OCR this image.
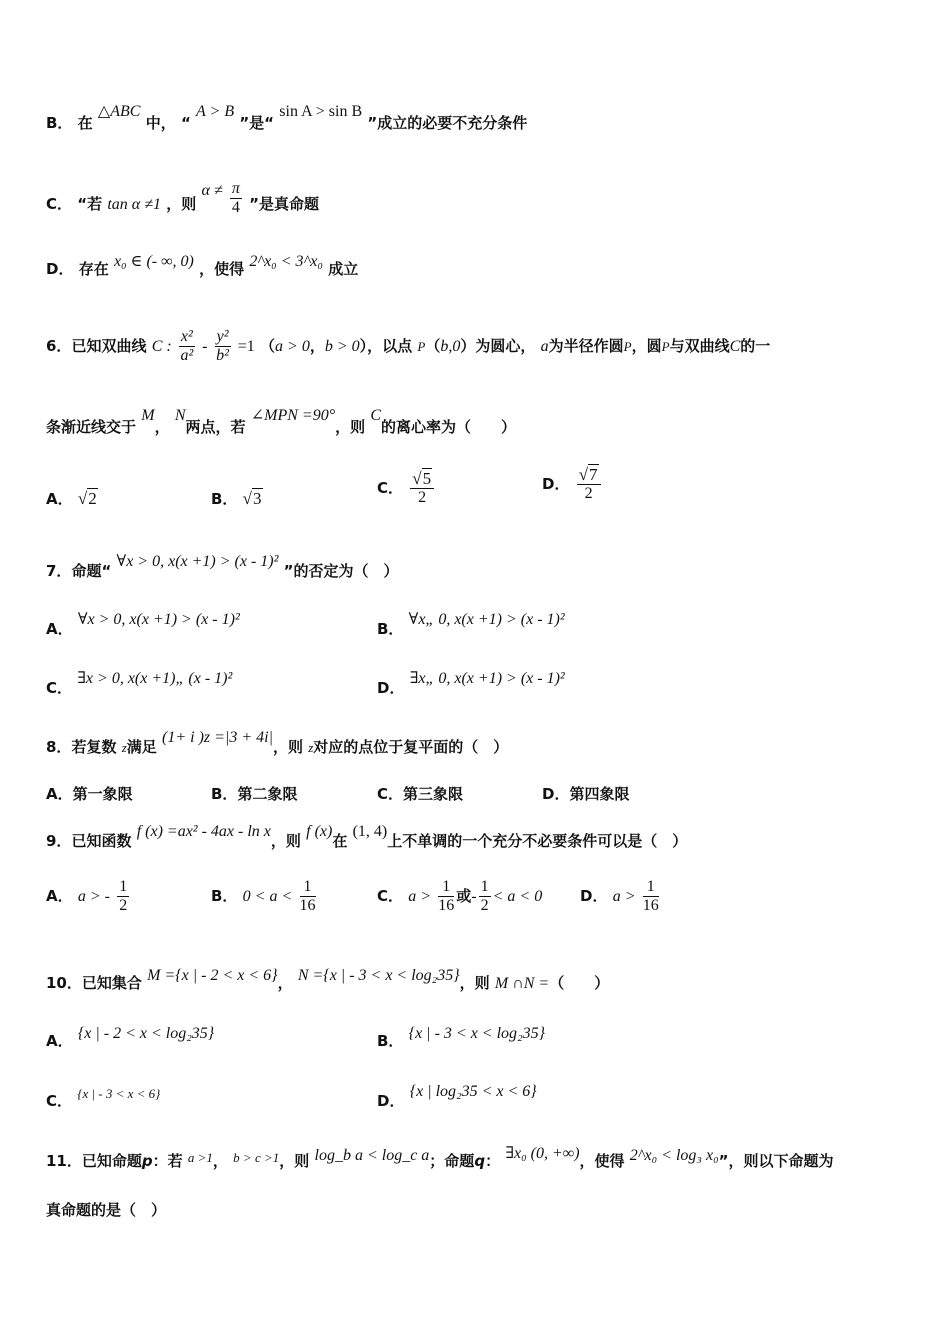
B． 在 △ABC 中， “ A > B ”是“ sin A > sin B ”成立的必要不充分条件
C． “若 tan α ≠1 ，则 $\alpha \ne \frac{\pi}{4}$ ”是真命题
D． 存在 x₀ ∈ (- ∞, 0) ，使得 2^x₀ < 3^x₀ 成立
6．已知双曲线 C : $\frac{\text{x²}}{\text{a²}} - \frac{\text{y²}}{\text{b²}} =1$ （a > 0，b > 0），以点 P（b,0）为圆心， a为半径作圆P，圆P与双曲线C的一
条渐近线交于 M， N两点，若 ∠MPN =90°，则 C的离心率为（　　）
A． √2	B． √3
C． $\frac{√5}{2}$	D． $\frac{√7}{2}$
7．命题“ ∀x > 0, x(x +1) > (x - 1)² ”的否定为（　）
A． ∀x > 0, x(x +1) > (x - 1)²
B． ∀x„ 0, x(x +1) > (x - 1)²
C． ∃x > 0, x(x +1)„ (x - 1)²
D． ∃x„ 0, x(x +1) > (x - 1)²
8．若复数 z满足 (1+ i )z =|3 + 4i|，则 z对应的点位于复平面的（　）
A．第一象限	B．第二象限	C．第三象限	D．第四象限
9．已知函数 f (x) =ax² - 4ax - ln x，则 f (x)在 (1, 4)上不单调的一个充分不必要条件可以是（　）
A． a > - $\frac{1}{2}$	B． $0 < a < \frac{1}{16}$	C． $a > \frac{1}{16}$ 或- $\frac{1}{2} < a < 0$	D． $a > \frac{1}{16}$
10．已知集合 M ={x | - 2 < x < 6}， N ={x | - 3 < x < log₂35}，则 M ∩N =（　　）
A． {x | - 2 < x < log₂35}	B． {x | - 3 < x < log₂35}
C． {x | - 3 < x < 6}	D． {x | log₂35 < x < 6}
11．已知命题p：若 a >1， b > c >1，则 log_b a < log_c a；命题q： ∃x₀ (0, +∞)，使得 2^x₀ < log₃ x₀”，则以下命题为
真命题的是（　）
